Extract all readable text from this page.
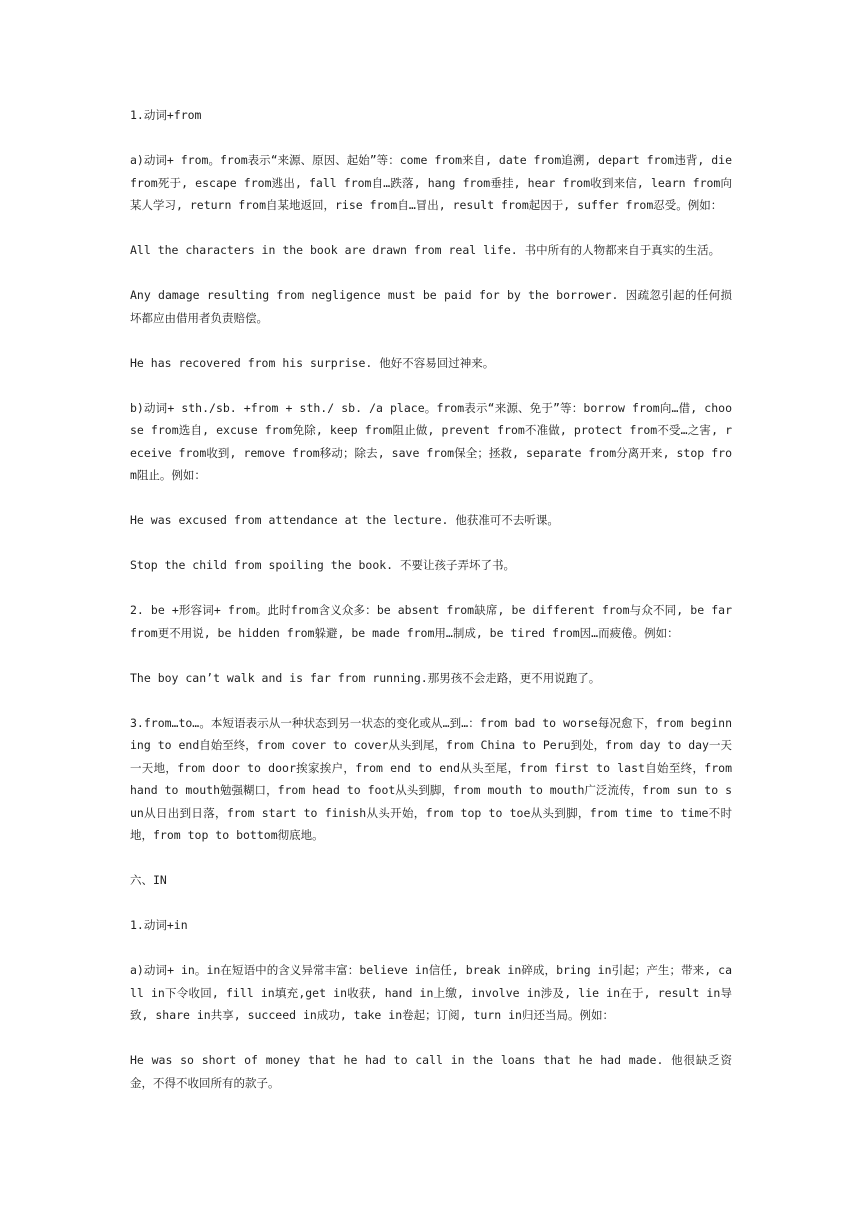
1.动词+from

a)动词+ from。from表示“来源、原因、起始”等：come from来自, date from追溯, depart from违背, die from死于, escape from逃出, fall from自…跌落, hang from垂挂, hear from收到来信, learn from向某人学习, return from自某地返回，rise from自…冒出, result from起因于, suffer from忍受。例如：

All the characters in the book are drawn from real life. 书中所有的人物都来自于真实的生活。

Any damage resulting from negligence must be paid for by the borrower. 因疏忽引起的任何损坏都应由借用者负责赔偿。

He has recovered from his surprise. 他好不容易回过神来。

b)动词+ sth./sb. +from + sth./ sb. /a place。from表示“来源、免于”等：borrow from向…借, choose from选自, excuse from免除, keep from阻止做, prevent from不准做, protect from不受…之害, receive from收到, remove from移动；除去, save from保全；拯救, separate from分离开来, stop from阻止。例如：

He was excused from attendance at the lecture. 他获准可不去听课。

Stop the child from spoiling the book. 不要让孩子弄坏了书。

2. be +形容词+ from。此时from含义众多：be absent from缺席, be different from与众不同, be far from更不用说, be hidden from躲避, be made from用…制成, be tired from因…而疲倦。例如：

The boy can’t walk and is far from running.那男孩不会走路，更不用说跑了。

3.from…to…。本短语表示从一种状态到另一状态的变化或从…到…：from bad to worse每况愈下，from beginning to end自始至终，from cover to cover从头到尾，from China to Peru到处，from day to day一天一天地，from door to door挨家挨户，from end to end从头至尾，from first to last自始至终，from hand to mouth勉强糊口，from head to foot从头到脚，from mouth to mouth广泛流传，from sun to sun从日出到日落，from start to finish从头开始，from top to toe从头到脚，from time to time不时地，from top to bottom彻底地。

六、IN

1.动词+in

a)动词+ in。in在短语中的含义异常丰富：believe in信任, break in碎成，bring in引起；产生；带来, call in下令收回, fill in填充,get in收获, hand in上缴, involve in涉及, lie in在于, result in导致, share in共享, succeed in成功, take in卷起；订阅, turn in归还当局。例如：

He was so short of money that he had to call in the loans that he had made. 他很缺乏资金，不得不收回所有的款子。
